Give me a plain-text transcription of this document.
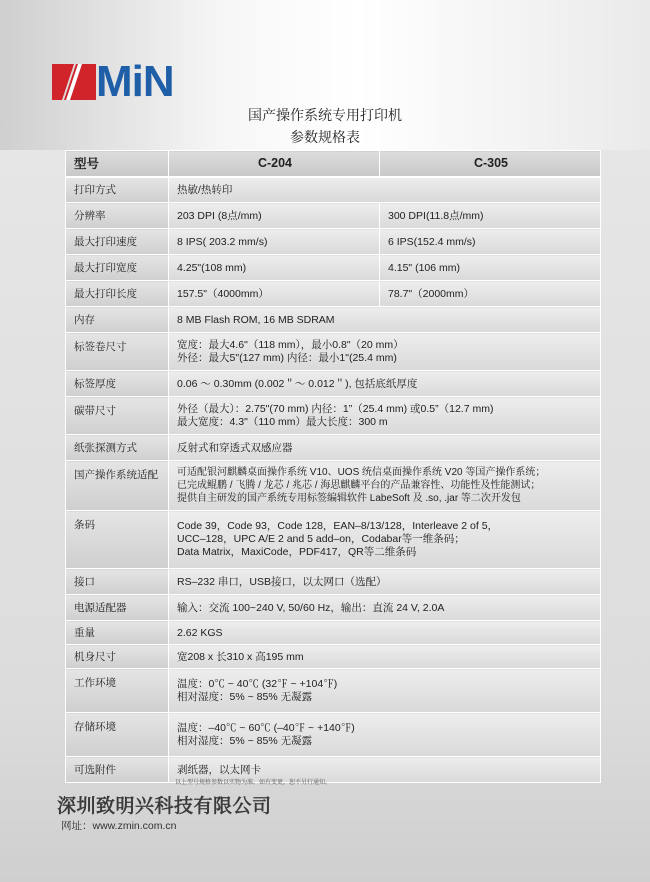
MiN
国产操作系统专用打印机
参数规格表
型号	C-204	C-305
打印方式	热敏/热转印	
分辨率	203 DPI (8点/mm)	300 DPI(11.8点/mm)
最大打印速度	8 IPS( 203.2 mm/s)	6 IPS(152.4 mm/s)
最大打印宽度	4.25"(108 mm)	4.15" (106 mm)
最大打印长度	157.5"（4000mm）	78.7"（2000mm）
内存	8 MB Flash ROM, 16 MB SDRAM	
标签卷尺寸	宽度：最大4.6"（118 mm），最小0.8"（20 mm）
外径：最大5"(127 mm) 内径：最小1"(25.4 mm)	

标签厚度	0.06 ～ 0.30mm (0.002＂～ 0.012＂), 包括底纸厚度	
碳带尺寸	外径（最大）：2.75"(70 mm) 内径：1”（25.4 mm) 或0.5”（12.7 mm)
最大宽度：4.3"（110 mm）最大长度：300 m	

纸张探测方式	反射式和穿透式双感应器	
国产操作系统适配	可适配银河麒麟桌面操作系统 V10、UOS 统信桌面操作系统 V20 等国产操作系统；
已完成鲲鹏 / 飞腾 / 龙芯 / 兆芯 / 海思麒麟平台的产品兼容性、功能性及性能测试；
提供自主研发的国产系统专用标签编辑软件 LabeSoft 及 .so, .jar 等二次开发包	

条码	Code 39，Code 93，Code 128，EAN–8/13/128，Interleave 2 of 5，
UCC–128，UPC A/E 2 and 5 add–on，Codabar等一维条码；
Data Matrix，MaxiCode，PDF417，QR等二维条码	

接口	RS–232 串口，USB接口，以太网口（选配）	
电源适配器	输入：交流 100~240 V, 50/60 Hz，输出：直流 24 V, 2.0A	
重量	2.62 KGS	
机身尺寸	宽208 x 长310 x 高195 mm	
工作环境	温度：0℃ ~ 40℃ (32℉ ~ +104℉)
相对湿度：5% ~ 85% 无凝露	

存储环境	温度：–40℃ ~ 60℃ (–40℉ ~ +140℉)
相对湿度：5% ~ 85% 无凝露	

可选附件	剥纸器，以太网卡	
以上型号规格参数以实物为准。如有变更，恕不另行通知。
深圳致明兴科技有限公司
网址：www.zmin.com.cn
